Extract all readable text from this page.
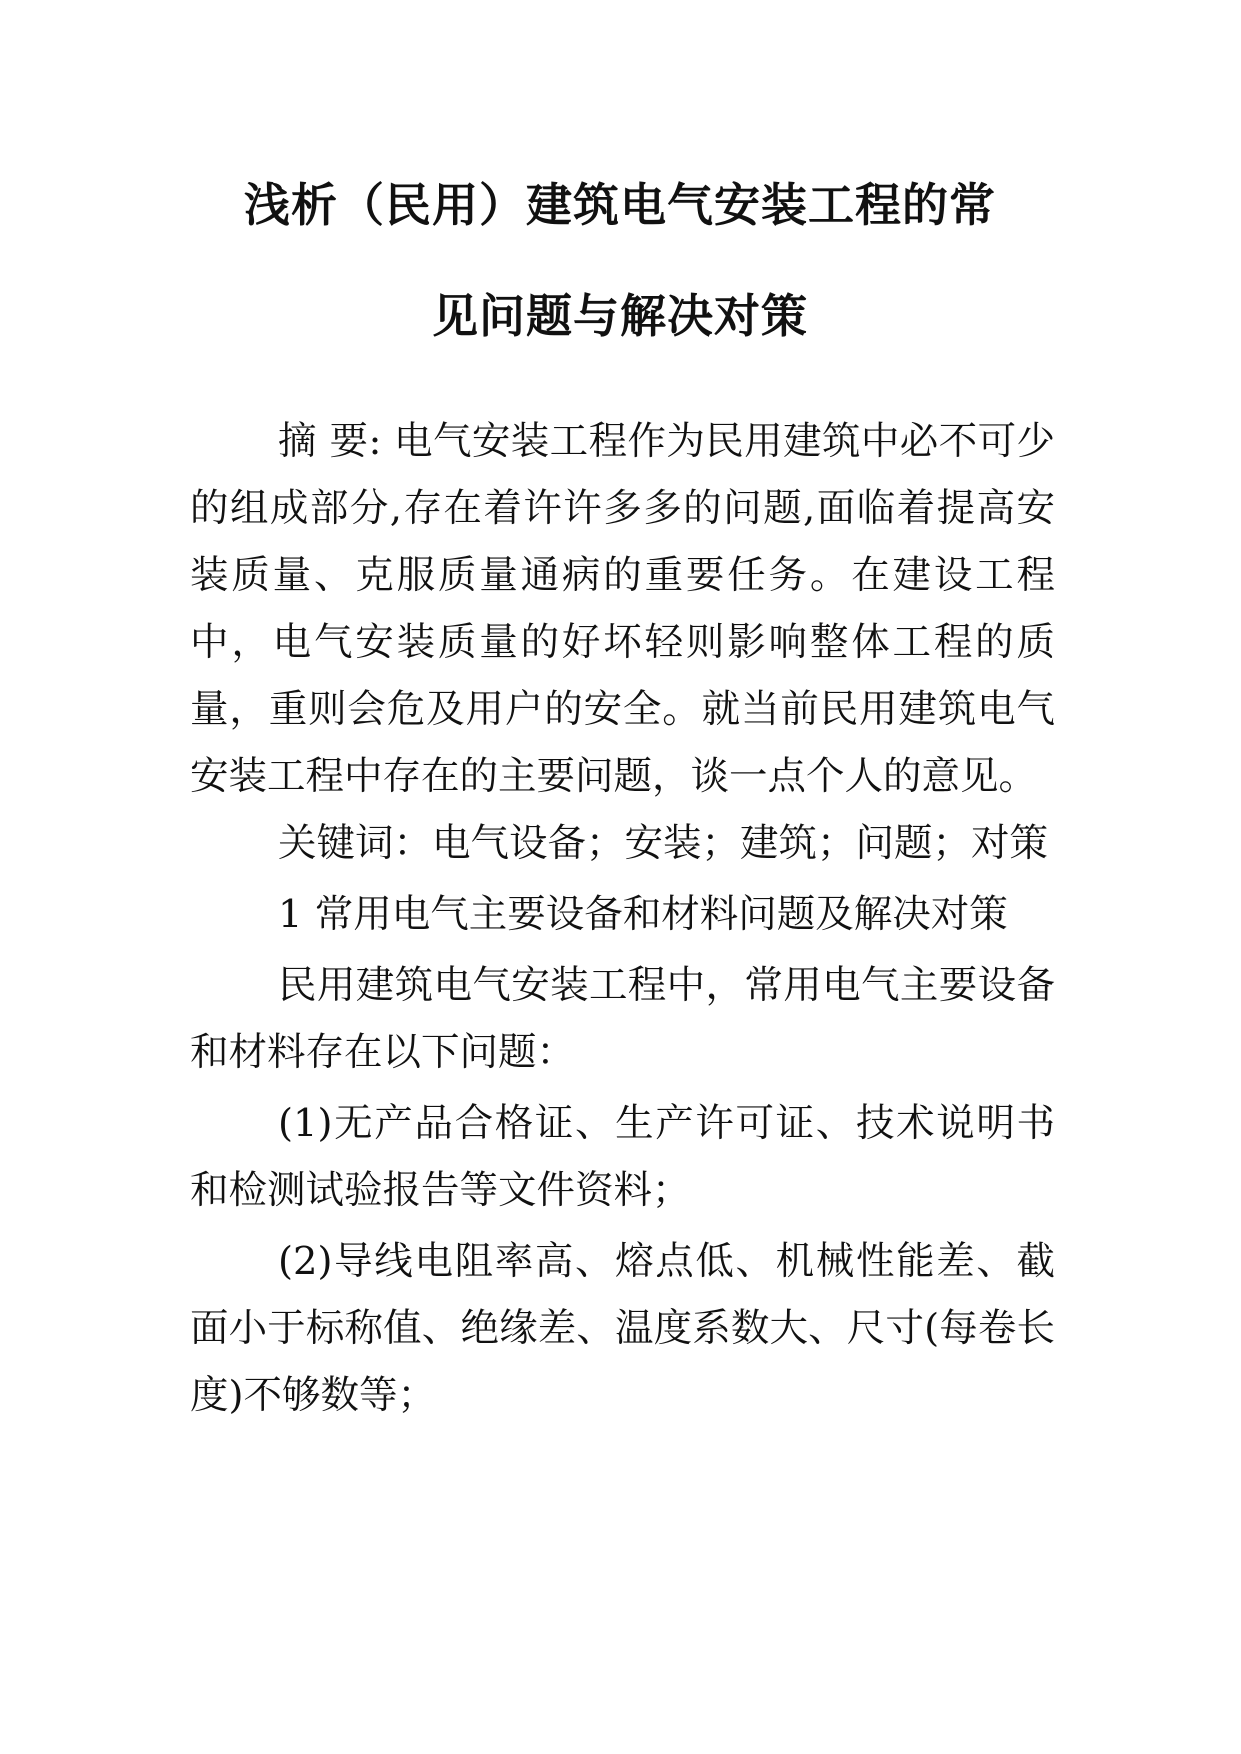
浅析（民用）建筑电气安装工程的常
见问题与解决对策

摘 要: 电气安装工程作为民用建筑中必不可少的组成部分,存在着许许多多的问题,面临着提高安装质量、克服质量通病的重要任务。在建设工程中，电气安装质量的好坏轻则影响整体工程的质量，重则会危及用户的安全。就当前民用建筑电气安装工程中存在的主要问题，谈一点个人的意见。

关键词：电气设备；安装；建筑；问题；对策

1 常用电气主要设备和材料问题及解决对策

民用建筑电气安装工程中，常用电气主要设备和材料存在以下问题：

(1)无产品合格证、生产许可证、技术说明书和检测试验报告等文件资料；

(2)导线电阻率高、熔点低、机械性能差、截面小于标称值、绝缘差、温度系数大、尺寸(每卷长度)不够数等；
